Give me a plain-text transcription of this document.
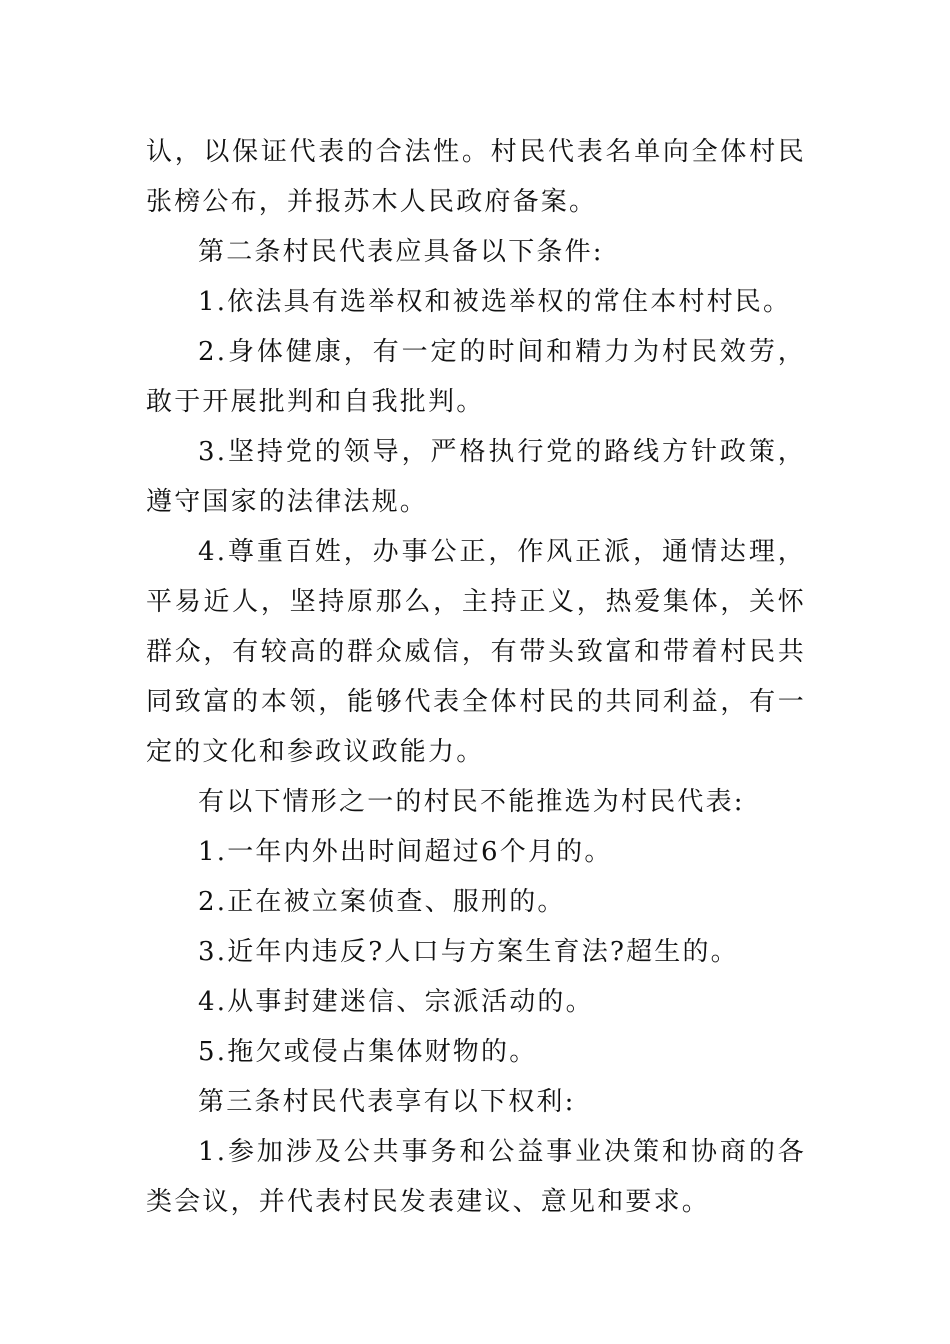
认，以保证代表的合法性。村民代表名单向全体村民张榜公布，并报苏木人民政府备案。

第二条村民代表应具备以下条件:

1.依法具有选举权和被选举权的常住本村村民。

2.身体健康，有一定的时间和精力为村民效劳，敢于开展批判和自我批判。

3.坚持党的领导，严格执行党的路线方针政策，遵守国家的法律法规。

4.尊重百姓，办事公正，作风正派，通情达理，平易近人，坚持原那么，主持正义，热爱集体，关怀群众，有较高的群众威信，有带头致富和带着村民共同致富的本领，能够代表全体村民的共同利益，有一定的文化和参政议政能力。

有以下情形之一的村民不能推选为村民代表:

1.一年内外出时间超过6个月的。

2.正在被立案侦查、服刑的。

3.近年内违反?人口与方案生育法?超生的。

4.从事封建迷信、宗派活动的。

5.拖欠或侵占集体财物的。

第三条村民代表享有以下权利:

1.参加涉及公共事务和公益事业决策和协商的各类会议，并代表村民发表建议、意见和要求。
